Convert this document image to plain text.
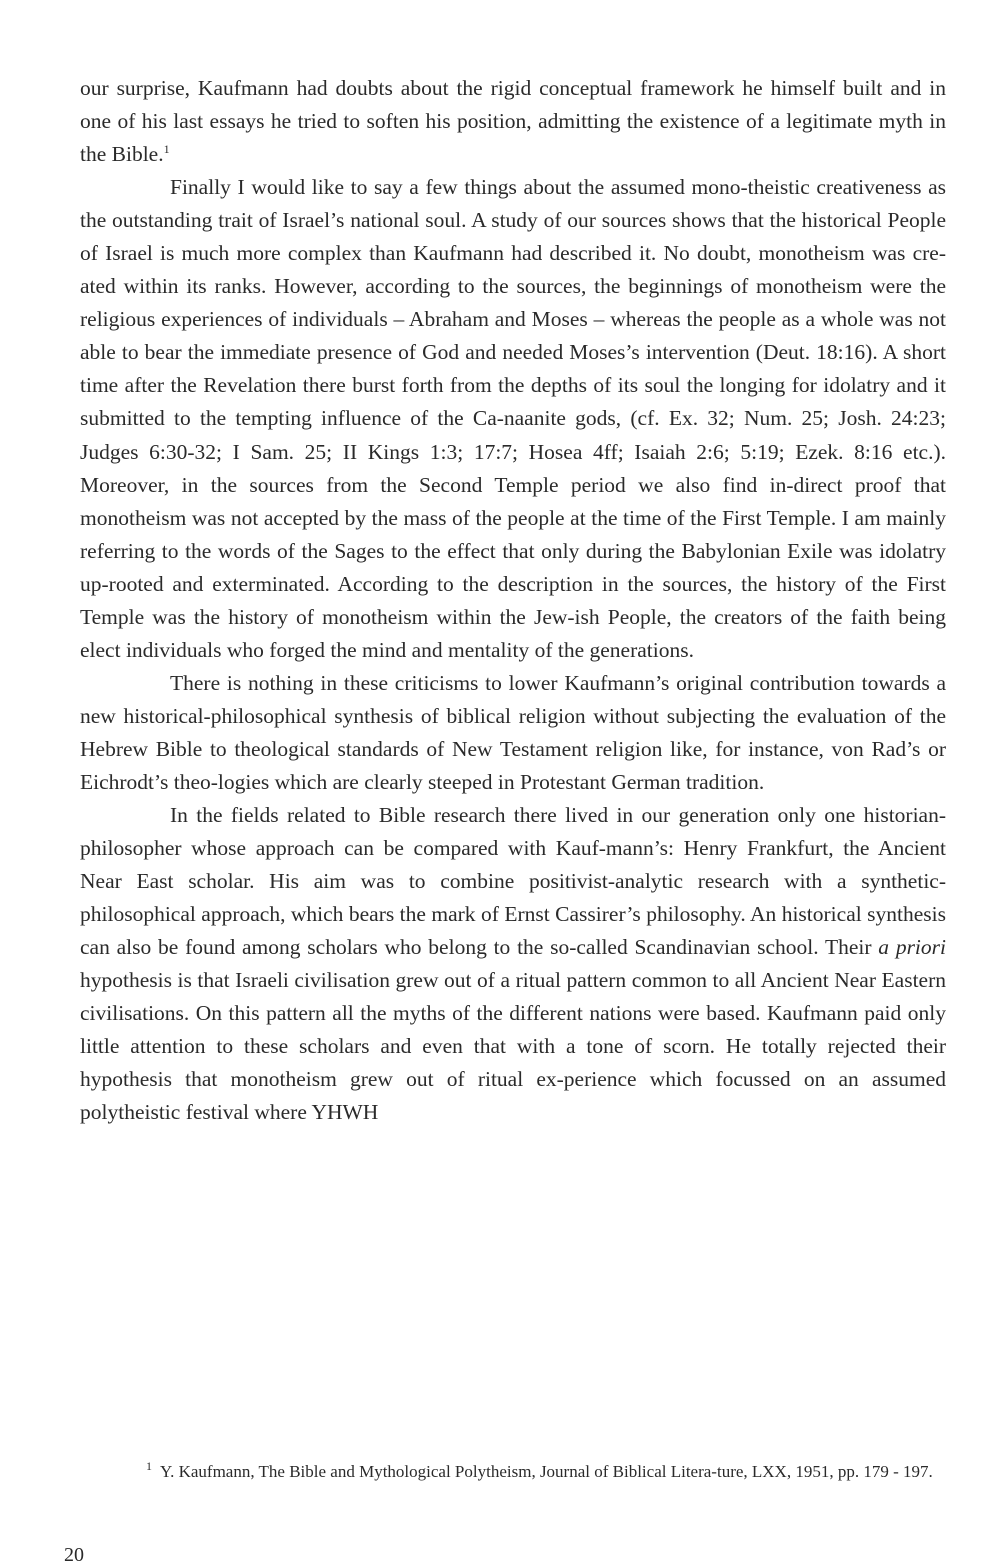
our surprise, Kaufmann had doubts about the rigid conceptual framework he himself built and in one of his last essays he tried to soften his position, admitting the existence of a legitimate myth in the Bible.$^1$

Finally I would like to say a few things about the assumed mono-theistic creativeness as the outstanding trait of Israel’s national soul. A study of our sources shows that the historical People of Israel is much more complex than Kaufmann had described it. No doubt, monotheism was cre-ated within its ranks. However, according to the sources, the beginnings of monotheism were the religious experiences of individuals – Abraham and Moses – whereas the people as a whole was not able to bear the immediate presence of God and needed Moses’s intervention (Deut. 18:16). A short time after the Revelation there burst forth from the depths of its soul the longing for idolatry and it submitted to the tempting influence of the Ca-naanite gods, (cf. Ex. 32; Num. 25; Josh. 24:23; Judges 6:30-32; I Sam. 25; II Kings 1:3; 17:7; Hosea 4ff; Isaiah 2:6; 5:19; Ezek. 8:16 etc.). Moreover, in the sources from the Second Temple period we also find in-direct proof that monotheism was not accepted by the mass of the people at the time of the First Temple. I am mainly referring to the words of the Sages to the effect that only during the Babylonian Exile was idolatry up-rooted and exterminated. According to the description in the sources, the history of the First Temple was the history of monotheism within the Jew-ish People, the creators of the faith being elect individuals who forged the mind and mentality of the generations.

There is nothing in these criticisms to lower Kaufmann’s original contribution towards a new historical-philosophical synthesis of biblical religion without subjecting the evaluation of the Hebrew Bible to theological standards of New Testament religion like, for instance, von Rad’s or Eichrodt’s theo-logies which are clearly steeped in Protestant German tradition.

In the fields related to Bible research there lived in our generation only one historian-philosopher whose approach can be compared with Kauf-mann’s: Henry Frankfurt, the Ancient Near East scholar. His aim was to combine positivist-analytic research with a synthetic-philosophical approach, which bears the mark of Ernst Cassirer’s philosophy. An historical synthesis can also be found among scholars who belong to the so-called Scandinavian school. Their a priori hypothesis is that Israeli civilisation grew out of a ritual pattern common to all Ancient Near Eastern civilisations. On this pattern all the myths of the different nations were based. Kaufmann paid only little attention to these scholars and even that with a tone of scorn. He totally rejected their hypothesis that monotheism grew out of ritual ex-perience which focussed on an assumed polytheistic festival where YHWH

1 Y. Kaufmann, The Bible and Mythological Polytheism, Journal of Biblical Litera-ture, LXX, 1951, pp. 179 - 197.

20
